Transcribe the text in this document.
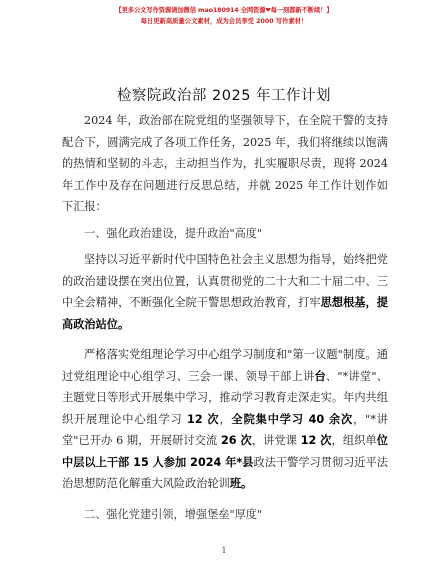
【更多公文写作资源请加微信 mao180914 全网资源❤每一刻都新不断续！】
每日更新高质量公文素材，成为会员享受 2000 写作素材！
检察院政治部 2025 年工作计划

2024 年，政治部在院党组的坚强领导下，在全院干警的支持配合下，圆满完成了各项工作任务，2025 年，我们将继续以饱满的热情和坚韧的斗志，主动担当作为，扎实履职尽责，现将 2024 年工作中及存在问题进行反思总结，并就 2025 年工作计划作如下汇报：

一、强化政治建设，提升政治"高度"

坚持以习近平新时代中国特色社会主义思想为指导，始终把党的政治建设摆在突出位置，认真贯彻党的二十大和二十届二中、三中全会精神，不断强化全院干警思想政治教育，打牢思想根基，提高政治站位。

严格落实党组理论学习中心组学习制度和"第一议题"制度。通过党组理论中心组学习、三会一课、领导干部上讲台、"*讲堂"、主题党日等形式开展集中学习，推动学习教育走深走实。年内共组织开展理论中心组学习 12 次，全院集中学习 40 余次，"*讲堂"已开办 6 期，开展研讨交流 26 次，讲党课 12 次，组织单位中层以上干部 15 人参加 2024 年*县政法干警学习贯彻习近平法治思想防范化解重大风险政治轮训班。

二、强化党建引领，增强堡垒"厚度"

1
